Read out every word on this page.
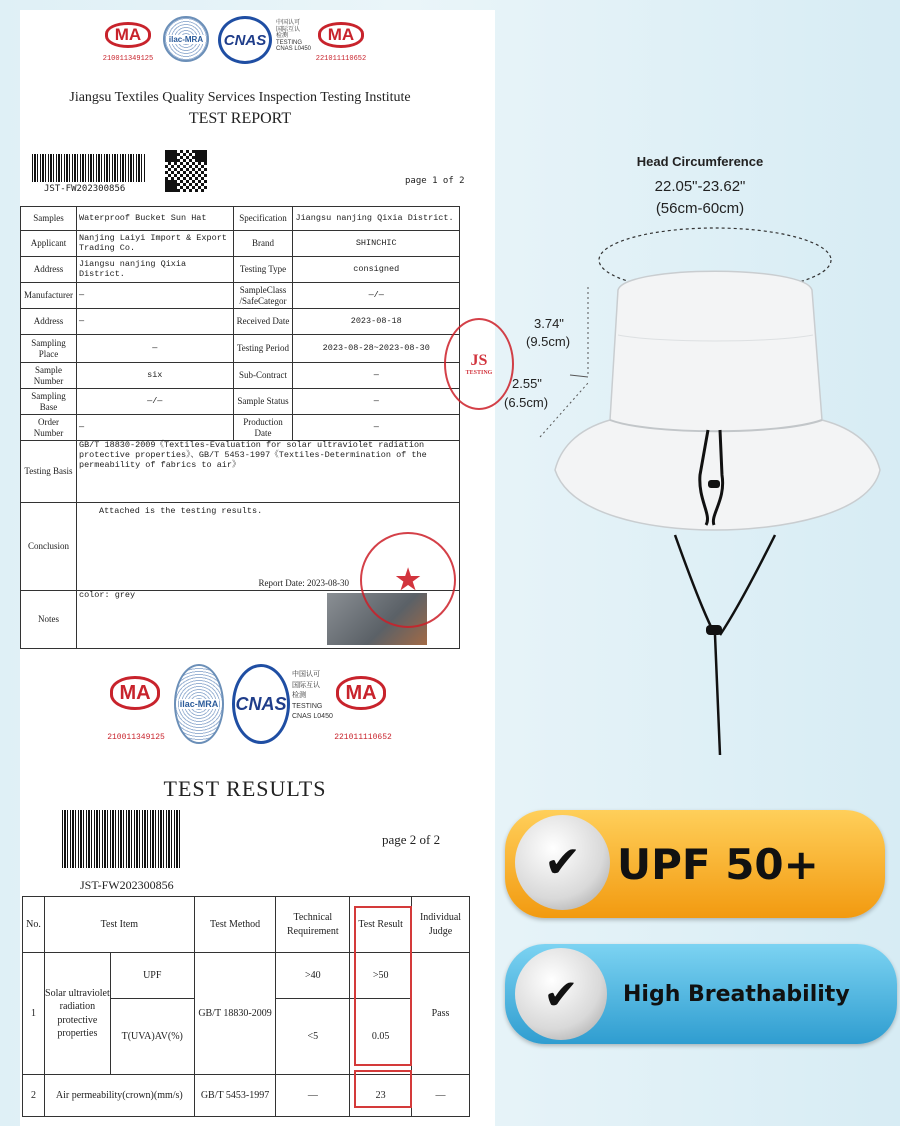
MA
210011349125
ilac-MRA	CNAS
中国认可
国际互认
检测
TESTING
CNAS L0450
MA
221011110652
Jiangsu Textiles Quality Services Inspection Testing Institute
TEST REPORT
JST-FW202300856
page 1 of 2
Samples	Waterproof Bucket Sun Hat	Specification	Jiangsu nanjing Qixia District.
Applicant	Nanjing Laiyi Import & Export Trading Co.	Brand	SHINCHIC
Address	Jiangsu nanjing Qixia District.	Testing Type	consigned
Manufacturer	—	SampleClass /SafeCategor	—/—
Address	—	Received Date	2023-08-18
Sampling Place	—	Testing Period	2023-08-28~2023-08-30
Sample Number	six	Sub-Contract	—
Sampling Base	—/—	Sample Status	—
Order Number	—	Production Date	—
Testing Basis	GB/T 18830-2009《Textiles-Evaluation for solar ultraviolet radiation protective properties》、GB/T 5453-1997《Textiles-Determination of the permeability of fabrics to air》		
Conclusion	Attached is the testing results.
Report Date: 2023-08-30		

Notes	color: grey		
JS
TESTING
★
MA
210011349125
ilac-MRA CNAS
中国认可
国际互认
检测
TESTING
CNAS L0450
MA
221011110652
TEST RESULTS
JST-FW202300856
page 2 of 2
No.	Test Item		Test Method	Technical Requirement	Test Result	Individual Judge
1	Solar ultraviolet radiation protective properties	UPF	GB/T 18830-2009	>40	>50	Pass
		T(UVA)AV(%)		<5	0.05	
2	Air permeability(crown)(mm/s)		GB/T 5453-1997	—	23	—
Head Circumference
22.05"-23.62"
(56cm-60cm)
3.74"
(9.5cm)
2.55"
(6.5cm)
UPF 50+
✔
High Breathability
✔
